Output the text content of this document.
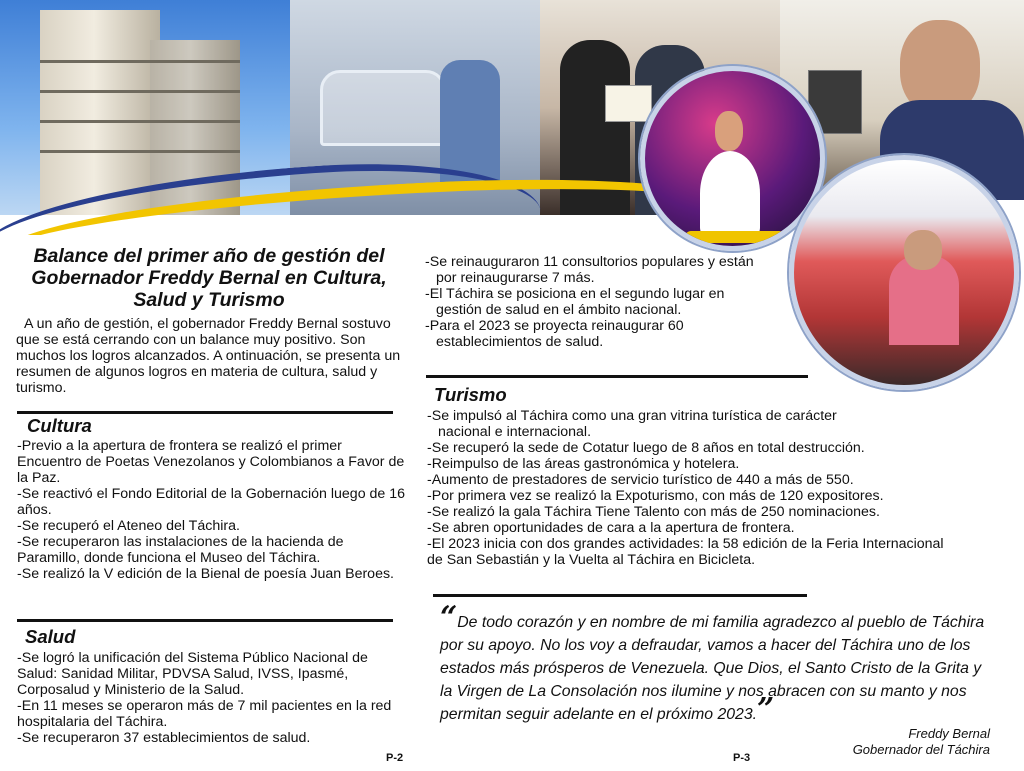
Balance del primer año de gestión del Gobernador Freddy Bernal en Cultura, Salud y Turismo
A un año de gestión, el gobernador Freddy Bernal sostuvo que se está cerrando con un balance muy positivo. Son muchos los logros alcanzados. A ontinuación, se presenta un resumen de algunos logros en materia de cultura, salud y turismo.
Cultura

-Previo a la apertura de frontera se realizó el primer Encuentro de Poetas Venezolanos y Colombianos a Favor de la Paz.

-Se reactivó el Fondo Editorial de la Gobernación luego de 16 años.

-Se recuperó el Ateneo del Táchira.

-Se recuperaron las instalaciones de la hacienda de Paramillo, donde funciona el Museo del Táchira.

-Se realizó la V edición de la Bienal de poesía Juan Beroes.

Salud

-Se logró la unificación del Sistema Público Nacional de Salud: Sanidad Militar, PDVSA Salud, IVSS, Ipasmé, Corposalud y Ministerio de la Salud.

-En 11 meses se operaron más de 7 mil pacientes en la red hospitalaria del Táchira.

-Se recuperaron 37 establecimientos de salud.

P-2

-Se reinauguraron 11 consultorios populares y están
por reinaugurarse 7 más.

-El Táchira se posiciona en el segundo lugar en
gestión de salud en el ámbito nacional.

-Para el 2023 se proyecta reinaugurar 60
establecimientos de salud.

Turismo

-Se impulsó al Táchira como una gran vitrina turística de carácter
nacional e internacional.

-Se recuperó la sede de Cotatur luego de 8 años en total destrucción.

-Reimpulso de las áreas gastronómica y hotelera.

-Aumento de prestadores de servicio turístico de 440 a más de 550.

-Por primera vez se realizó la Expoturismo, con más de 120 expositores.

-Se realizó la gala Táchira Tiene Talento con más de 250 nominaciones.

-Se abren oportunidades de cara a la apertura de frontera.

-El 2023 inicia con dos grandes actividades: la 58 edición de la Feria Internacional
de San Sebastián y la Vuelta al Táchira en Bicicleta.

“De todo corazón y en nombre de mi familia agradezco al pueblo de Táchira por su apoyo. No los voy a defraudar, vamos a hacer del Táchira uno de los estados más prósperos de Venezuela. Que Dios, el Santo Cristo de la Grita y la Virgen de La Consolación nos ilumine y nos abracen con su manto y nos permitan seguir adelante en el próximo 2023.”
Freddy Bernal
Gobernador del Táchira
P-3
